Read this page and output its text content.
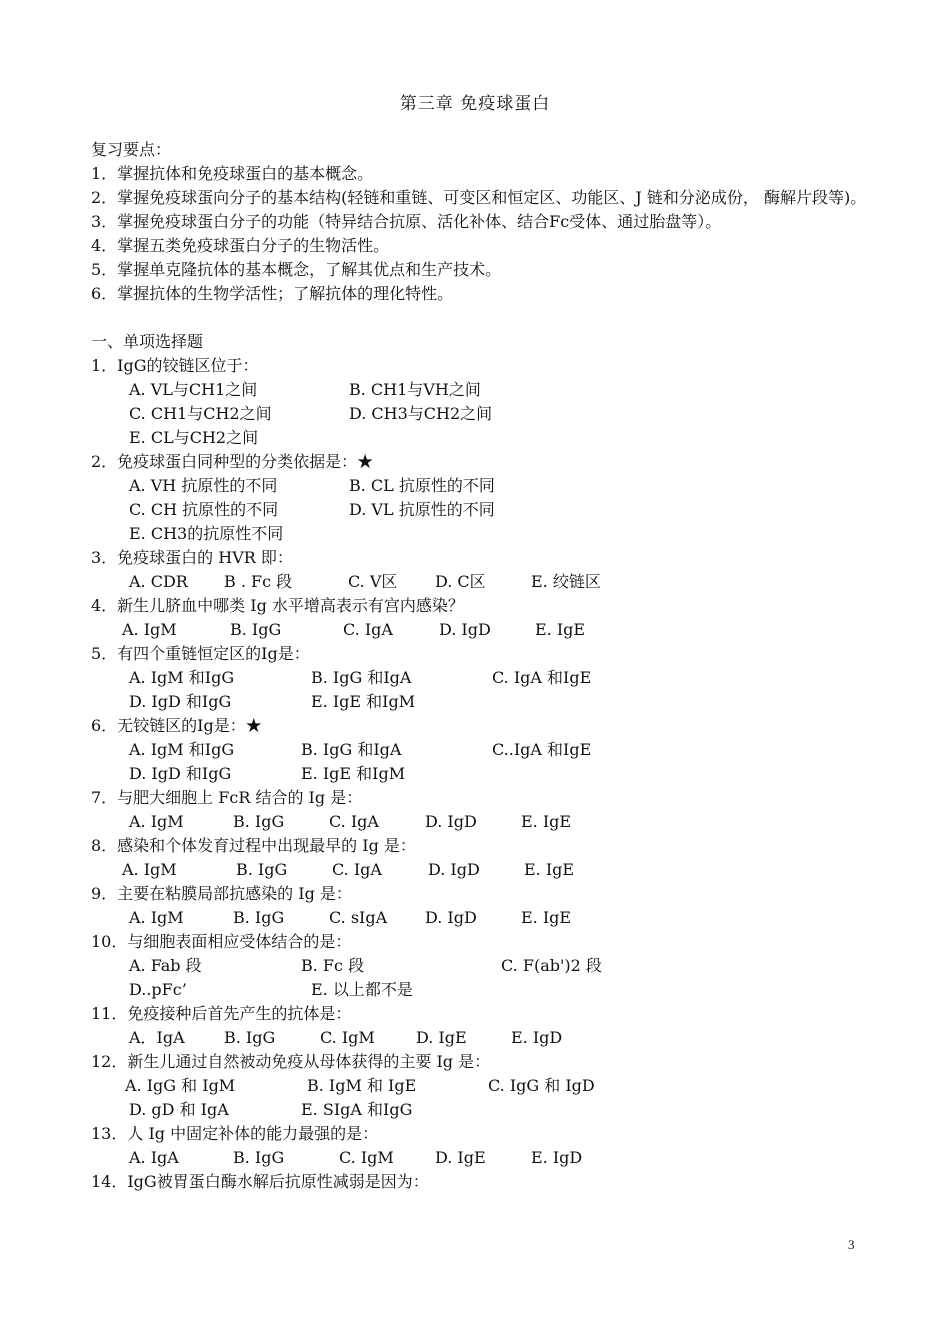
第三章 免疫球蛋白
复习要点：
1．掌握抗体和免疫球蛋白的基本概念。
2．掌握免疫球蛋向分子的基本结构(轻链和重链、可变区和恒定区、功能区、J 链和分泌成份， 酶解片段等)。
3．掌握免疫球蛋白分子的功能（特异结合抗原、活化补体、结合Fc受体、通过胎盘等）。
4．掌握五类免疫球蛋白分子的生物活性。
5．掌握单克隆抗体的基本概念，了解其优点和生产技术。
6．掌握抗体的生物学活性；了解抗体的理化特性。
一、单项选择题
1．IgG的铰链区位于：
A. VL与CH1之间	B. CH1与VH之间
C. CH1与CH2之间	D. CH3与CH2之间
E. CL与CH2之间
2．免疫球蛋白同种型的分类依据是：★
A. VH 抗原性的不同	B. CL 抗原性的不同
C. CH 抗原性的不同	D. VL 抗原性的不同
E. CH3的抗原性不同
3．免疫球蛋白的 HVR 即：
A. CDR B . Fc 段	C. V区 D. C区	E. 绞链区
4．新生儿脐血中哪类 Ig 水平增高表示有宫内感染？
A. IgM	B. IgG	C. IgA	D. IgD	E. IgE
5．有四个重链恒定区的Ig是：
A. IgM 和IgG	B. IgG 和IgA	C. IgA 和IgE
D. IgD 和IgG	E. IgE 和IgM
6．无铰链区的Ig是：★
A. IgM 和IgG	B. IgG 和IgA	C..IgA 和IgE
D. IgD 和IgG	E. IgE 和IgM
7．与肥大细胞上 FcR 结合的 Ig 是：
A. IgM	B. IgG	C. IgA	D. IgD	E. IgE
8．感染和个体发育过程中出现最早的 Ig 是：
A. IgM	B. IgG	C. IgA	D. IgD	E. IgE
9．主要在粘膜局部抗感染的 Ig 是：
A. IgM	B. IgG	C. sIgA D. IgD	E. IgE
10．与细胞表面相应受体结合的是：
A. Fab 段	B. Fc 段	C. F(ab')2 段
D..pFc’	E. 以上都不是
11．免疫接种后首先产生的抗体是：
A．IgA B. IgG	C. IgM	D. IgE	E. IgD
12．新生儿通过自然被动免疫从母体获得的主要 Ig 是：
A. IgG 和 IgM	B. IgM 和 IgE	C. IgG 和 IgD
D. gD 和 IgA	E. SIgA 和IgG
13．人 Ig 中固定补体的能力最强的是：
A. IgA	B. IgG	C. IgM	D. IgE	E. IgD
14．IgG被胃蛋白酶水解后抗原性减弱是因为：
3
